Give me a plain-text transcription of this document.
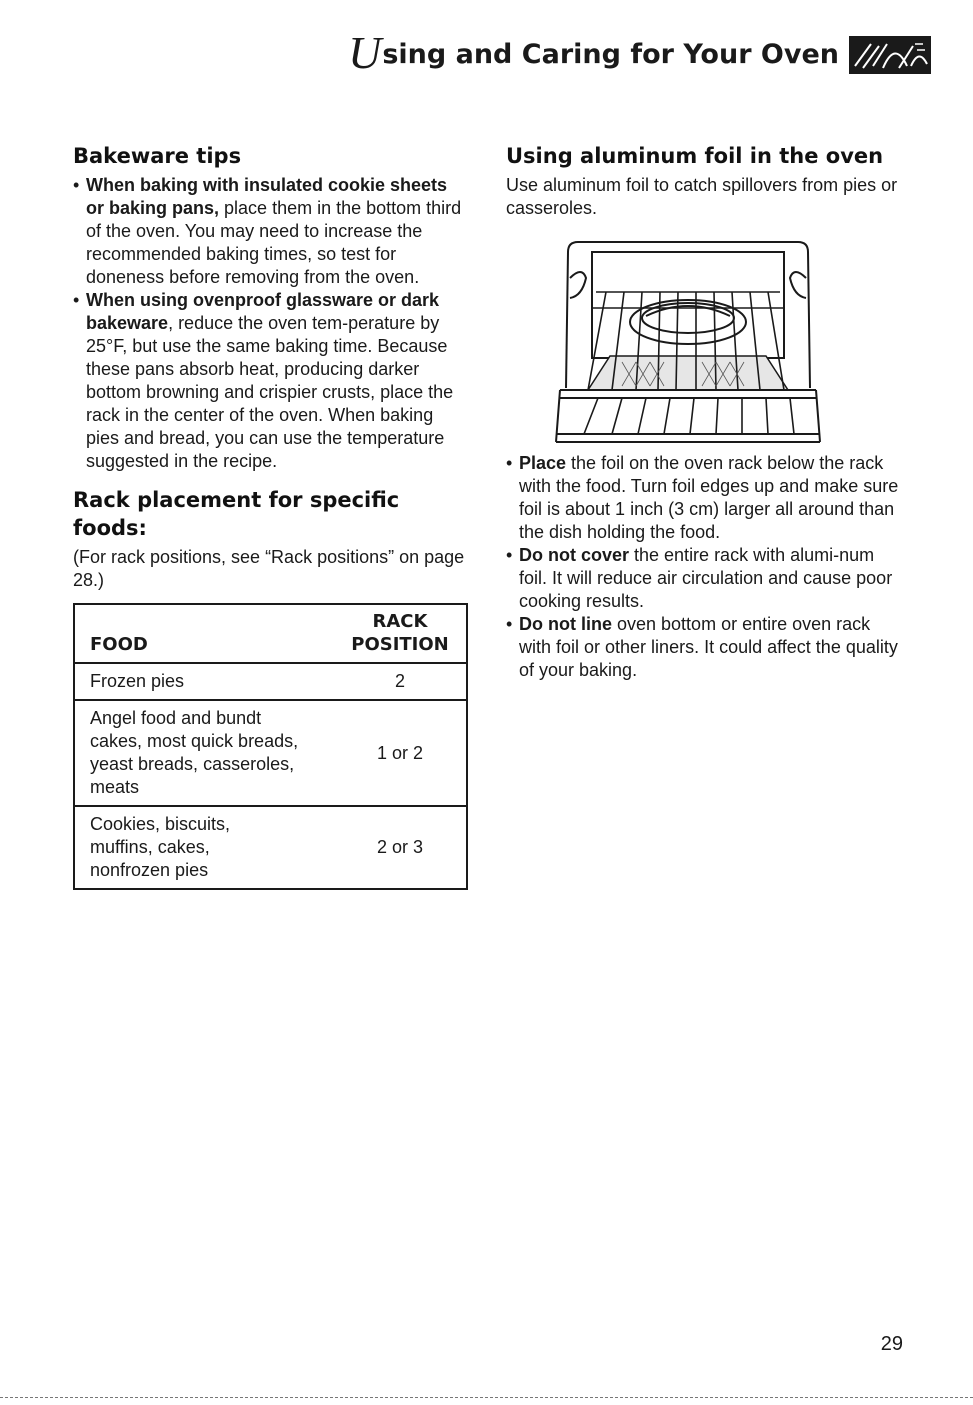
U sing and Caring for Your Oven
Bakeware tips
• When baking with insulated cookie sheets or baking pans, place them in the bottom third of the oven. You may need to increase the recommended baking times, so test for doneness before removing from the oven.
• When using ovenproof glassware or dark bakeware, reduce the oven tem-perature by 25°F, but use the same baking time. Because these pans absorb heat, producing darker bottom browning and crispier crusts, place the rack in the center of the oven. When baking pies and bread, you can use the temperature suggested in the recipe.
Rack placement for specific foods:

(For rack positions, see “Rack positions” on page 28.)

FOOD
RACK
POSITION
Frozen pies	2
Angel food and bundt cakes, most quick breads, yeast breads, casseroles, meats
1 or 2
Cookies, biscuits, muffins, cakes, nonfrozen pies
2 or 3
Using aluminum foil in the oven

Use aluminum foil to catch spillovers from pies or casseroles.

• Place the foil on the oven rack below the rack with the food. Turn foil edges up and make sure foil is about 1 inch (3 cm) larger all around than the dish holding the food.
• Do not cover the entire rack with alumi-num foil. It will reduce air circulation and cause poor cooking results.
• Do not line oven bottom or entire oven rack with foil or other liners. It could affect the quality of your baking.
29
